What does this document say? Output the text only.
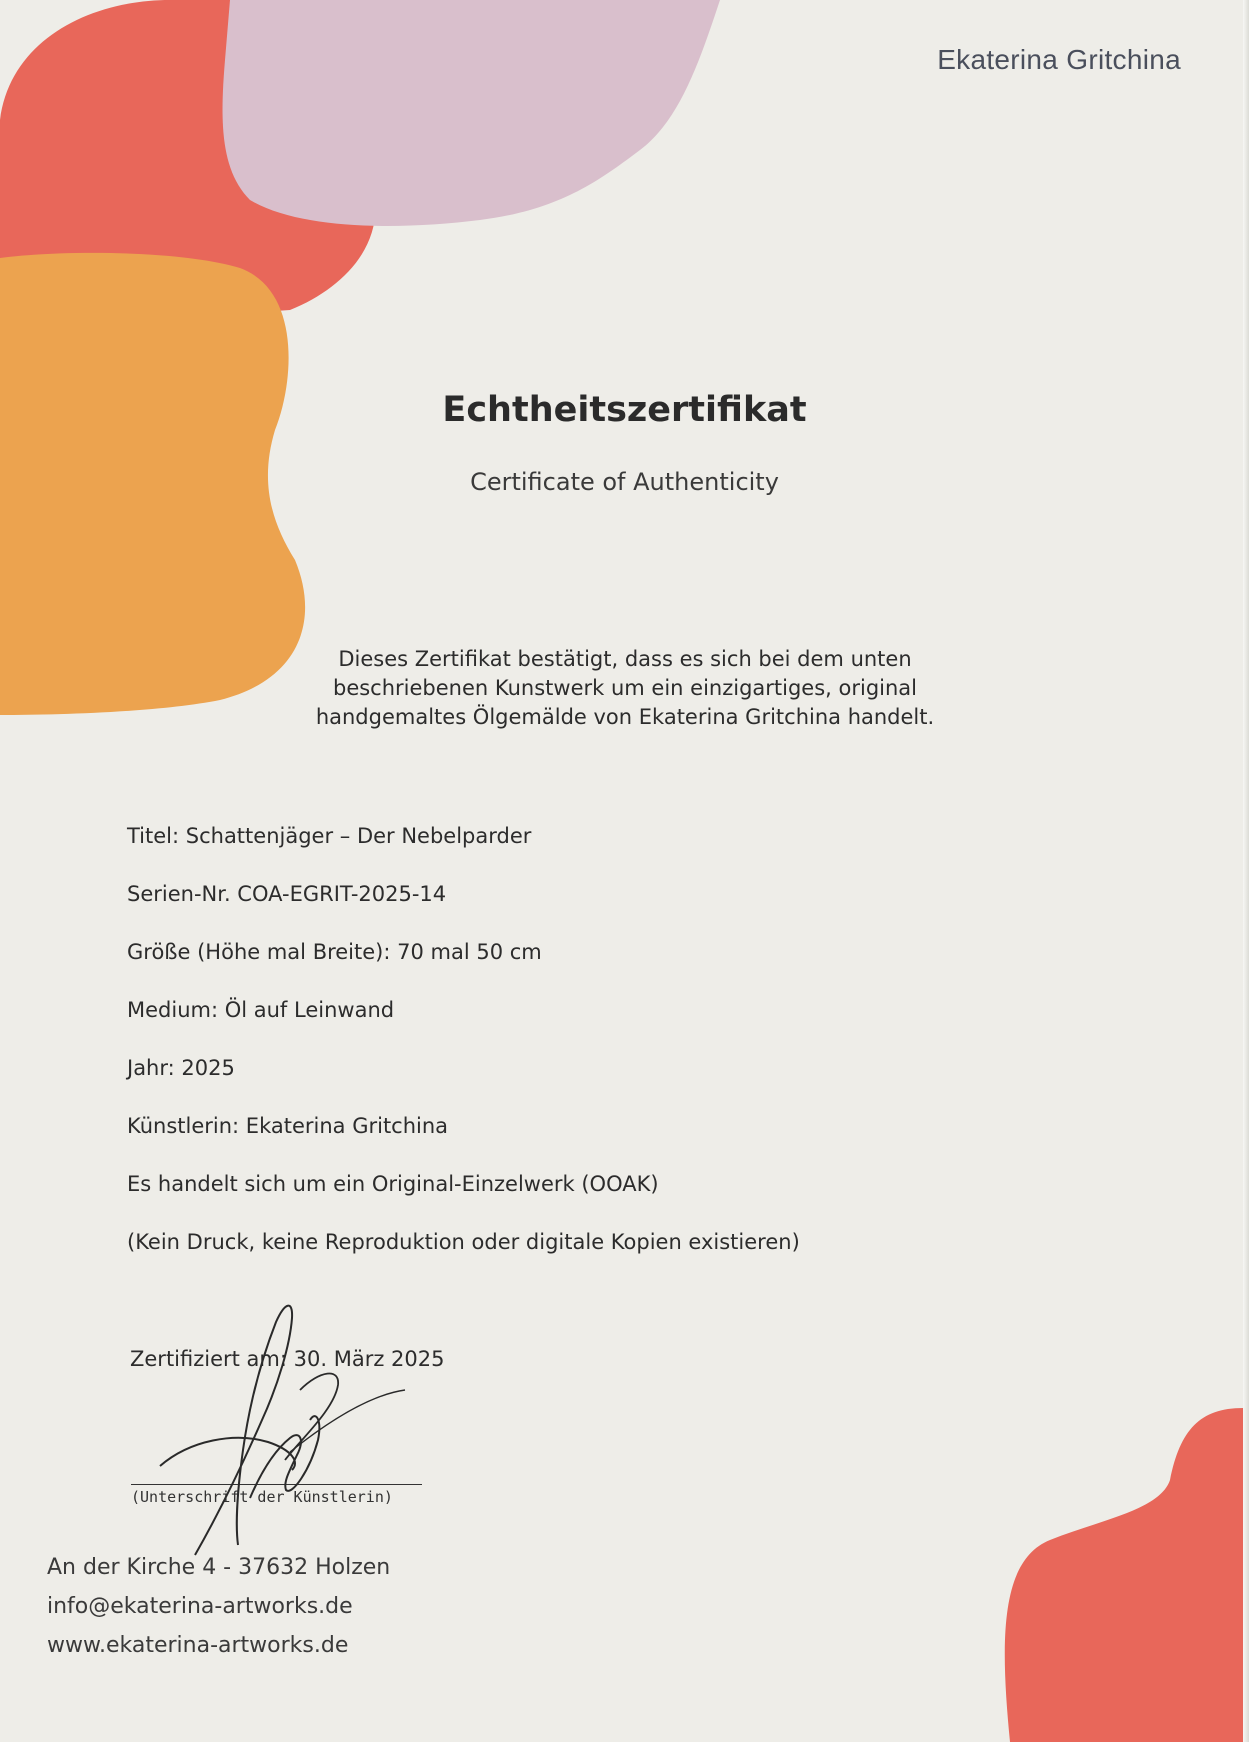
Ekaterina Gritchina
Echtheitszertifikat
Certificate of Authenticity
Dieses Zertifikat bestätigt, dass es sich bei dem unten
beschriebenen Kunstwerk um ein einzigartiges, original
handgemaltes Ölgemälde von Ekaterina Gritchina handelt.
Titel: Schattenjäger – Der Nebelparder
Serien-Nr. COA-EGRIT-2025-14
Größe (Höhe mal Breite): 70 mal 50 cm
Medium: Öl auf Leinwand
Jahr: 2025
Künstlerin: Ekaterina Gritchina
Es handelt sich um ein Original-Einzelwerk (OOAK)
(Kein Druck, keine Reproduktion oder digitale Kopien existieren)
Zertifiziert am: 30. März 2025
(Unterschrift der Künstlerin)
An der Kirche 4 - 37632 Holzen
info@ekaterina-artworks.de
www.ekaterina-artworks.de
